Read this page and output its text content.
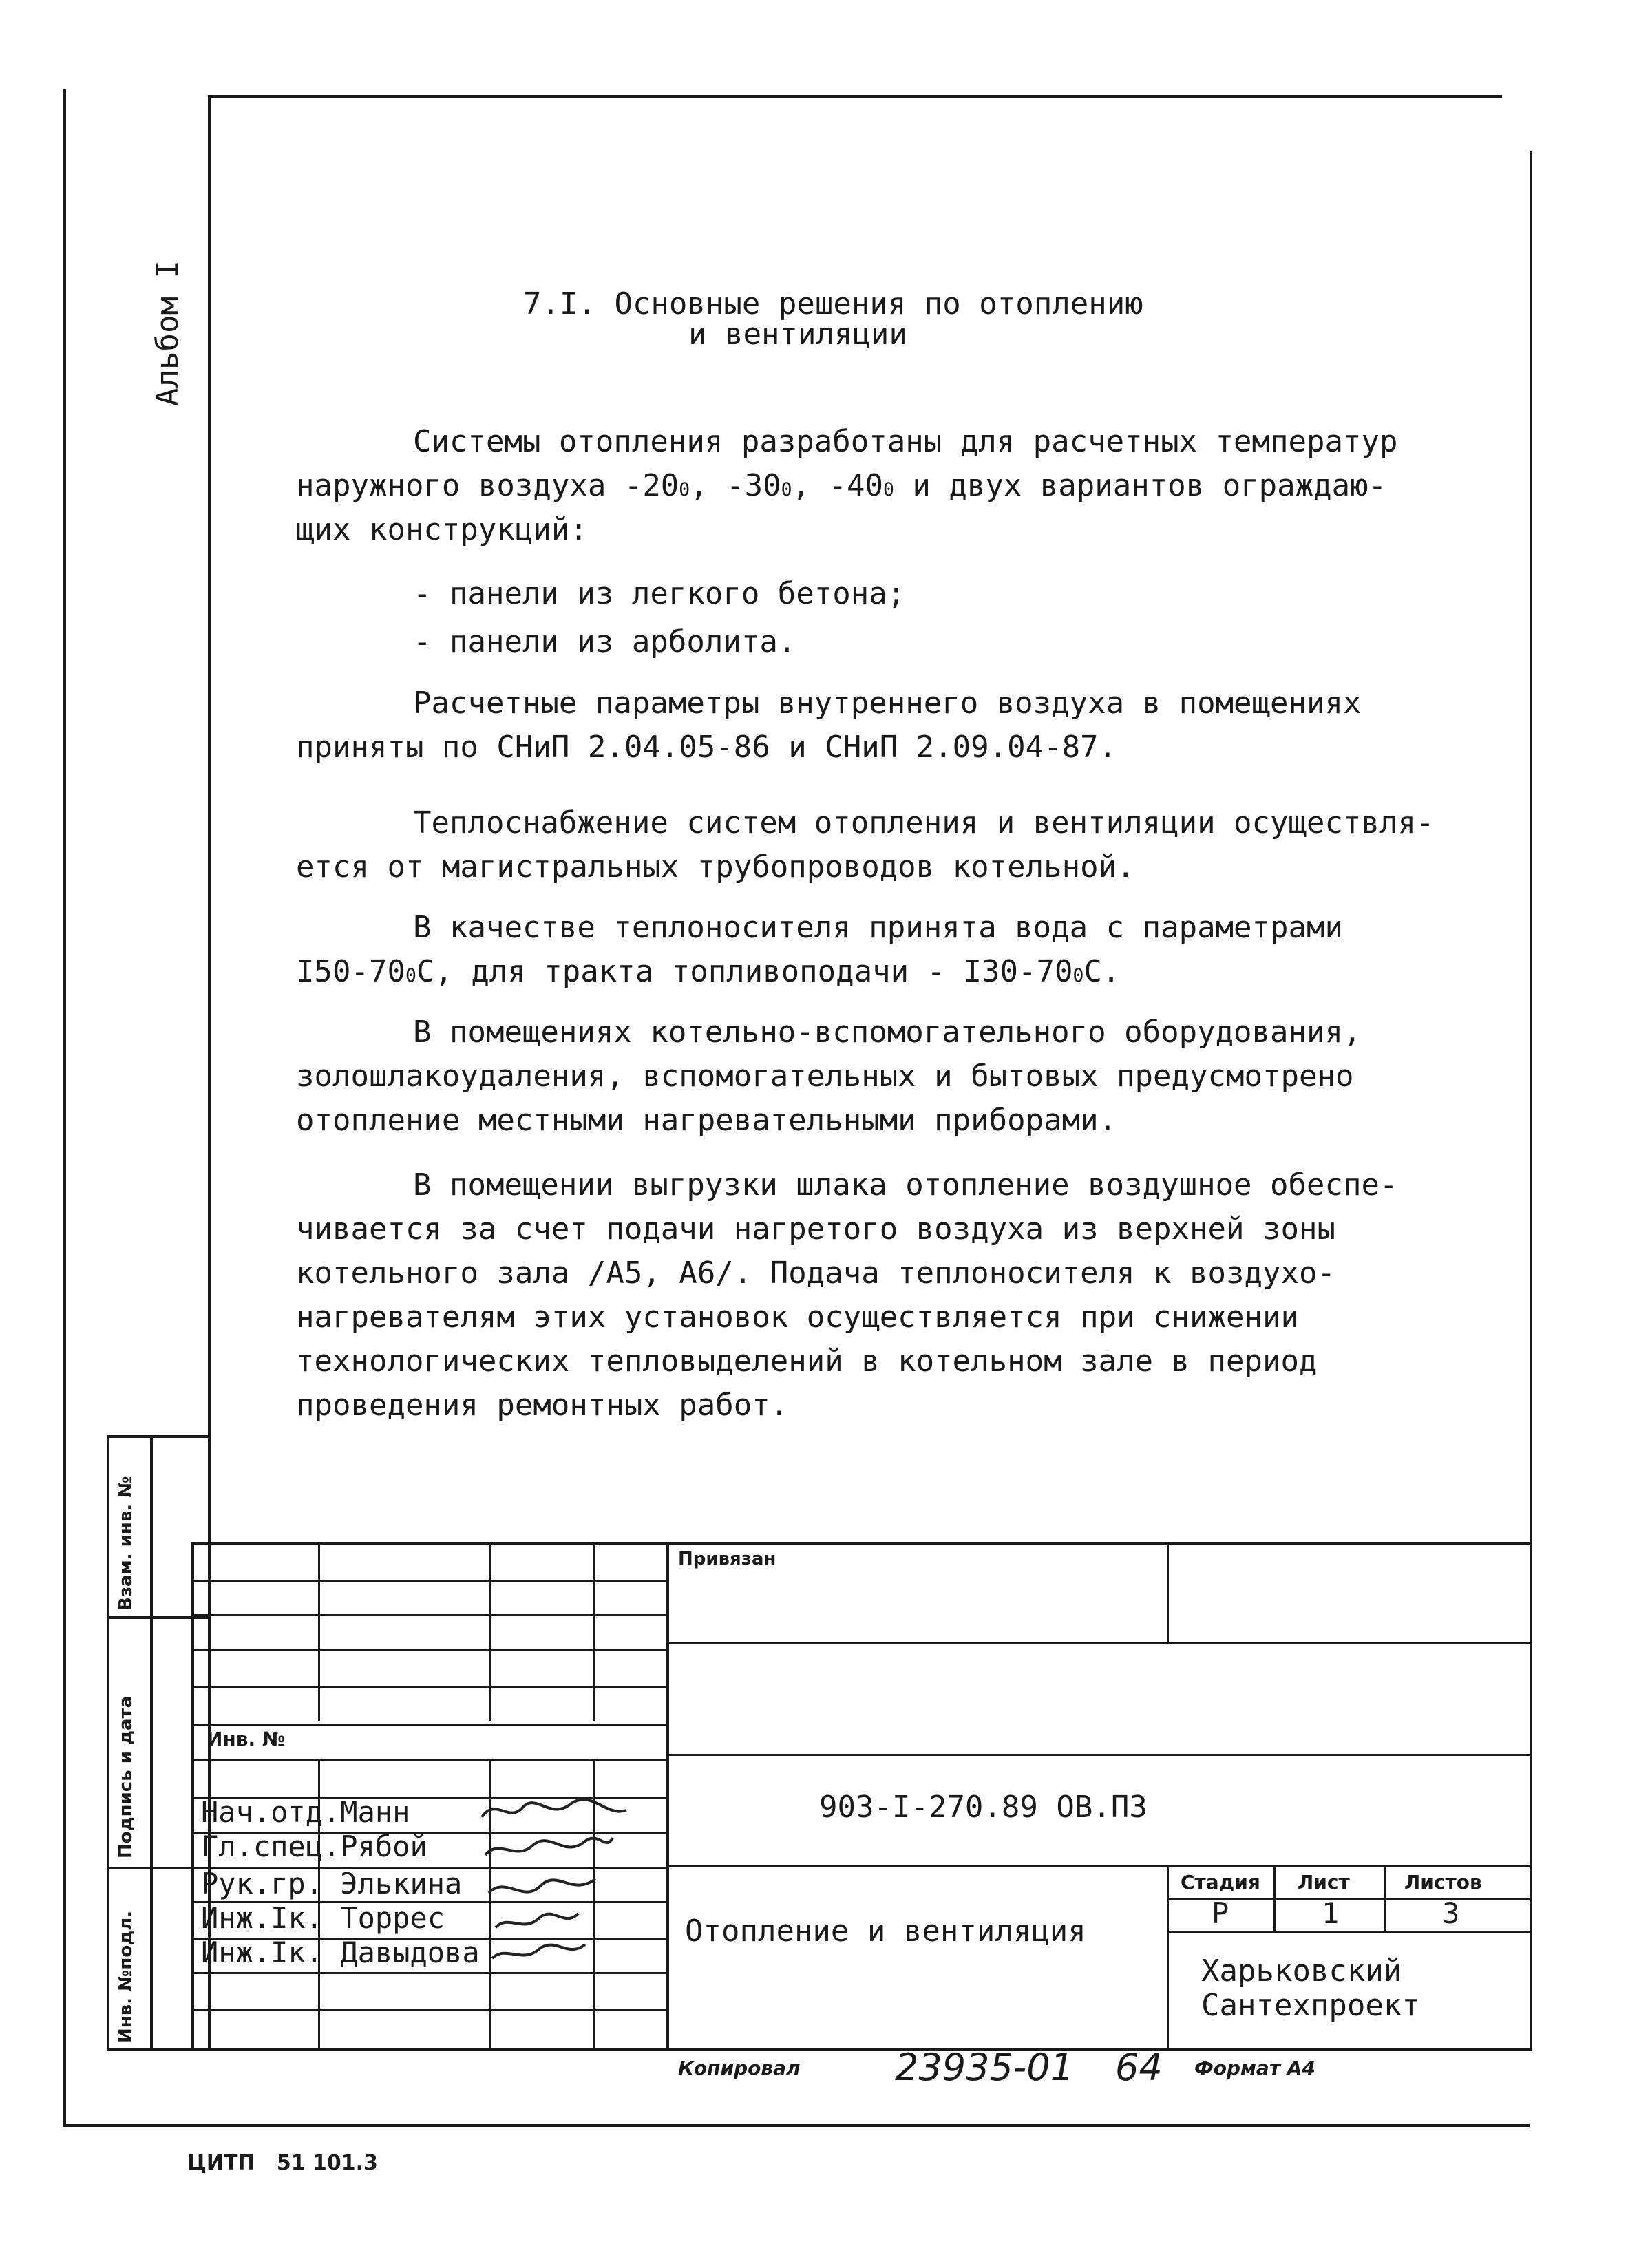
Альбом I	7.I. Основные решения по отоплению
и вентиляции
Системы отопления разработаны для расчетных температур
наружного воздуха $-20^0$, $-30^0$, $-40^0$ и двух вариантов ограждаю-
щих конструкций:
- панели из легкого бетона;
- панели из арболита.
Расчетные параметры внутреннего воздуха в помещениях
приняты по СНиП 2.04.05-86 и СНиП 2.09.04-87.
Теплоснабжение систем отопления и вентиляции осуществля-
ется от магистральных трубопроводов котельной.
В качестве теплоносителя принята вода с параметрами
$I50-70^0С$, для тракта топливоподачи - $I30-70^0С$.
В помещениях котельно-вспомогательного оборудования,
золошлакоудаления, вспомогательных и бытовых предусмотрено
отопление местными нагревательными приборами.
В помещении выгрузки шлака отопление воздушное обеспе-
чивается за счет подачи нагретого воздуха из верхней зоны
котельного зала /А5, А6/. Подача теплоносителя к воздухо-
нагревателям этих установок осуществляется при снижении
технологических тепловыделений в котельном зале в период
проведения ремонтных работ.
Взам. инв. №
Подпись и дата
Инв. №подл.
Привязан
Инв. №
Нач.отд.Манн
Гл.спец.Рябой
Рук.гр. Элькина
Инж.Iк. Торрес
Инж.Iк. Давыдова
903-I-270.89 ОВ.ПЗ
Отопление и вентиляция
Стадия Лист	Листов
Р	1	3
Харьковский
Сантехпроект
Копировал	23935-01 64 Формат А4
ЦИТП   51 101.3
